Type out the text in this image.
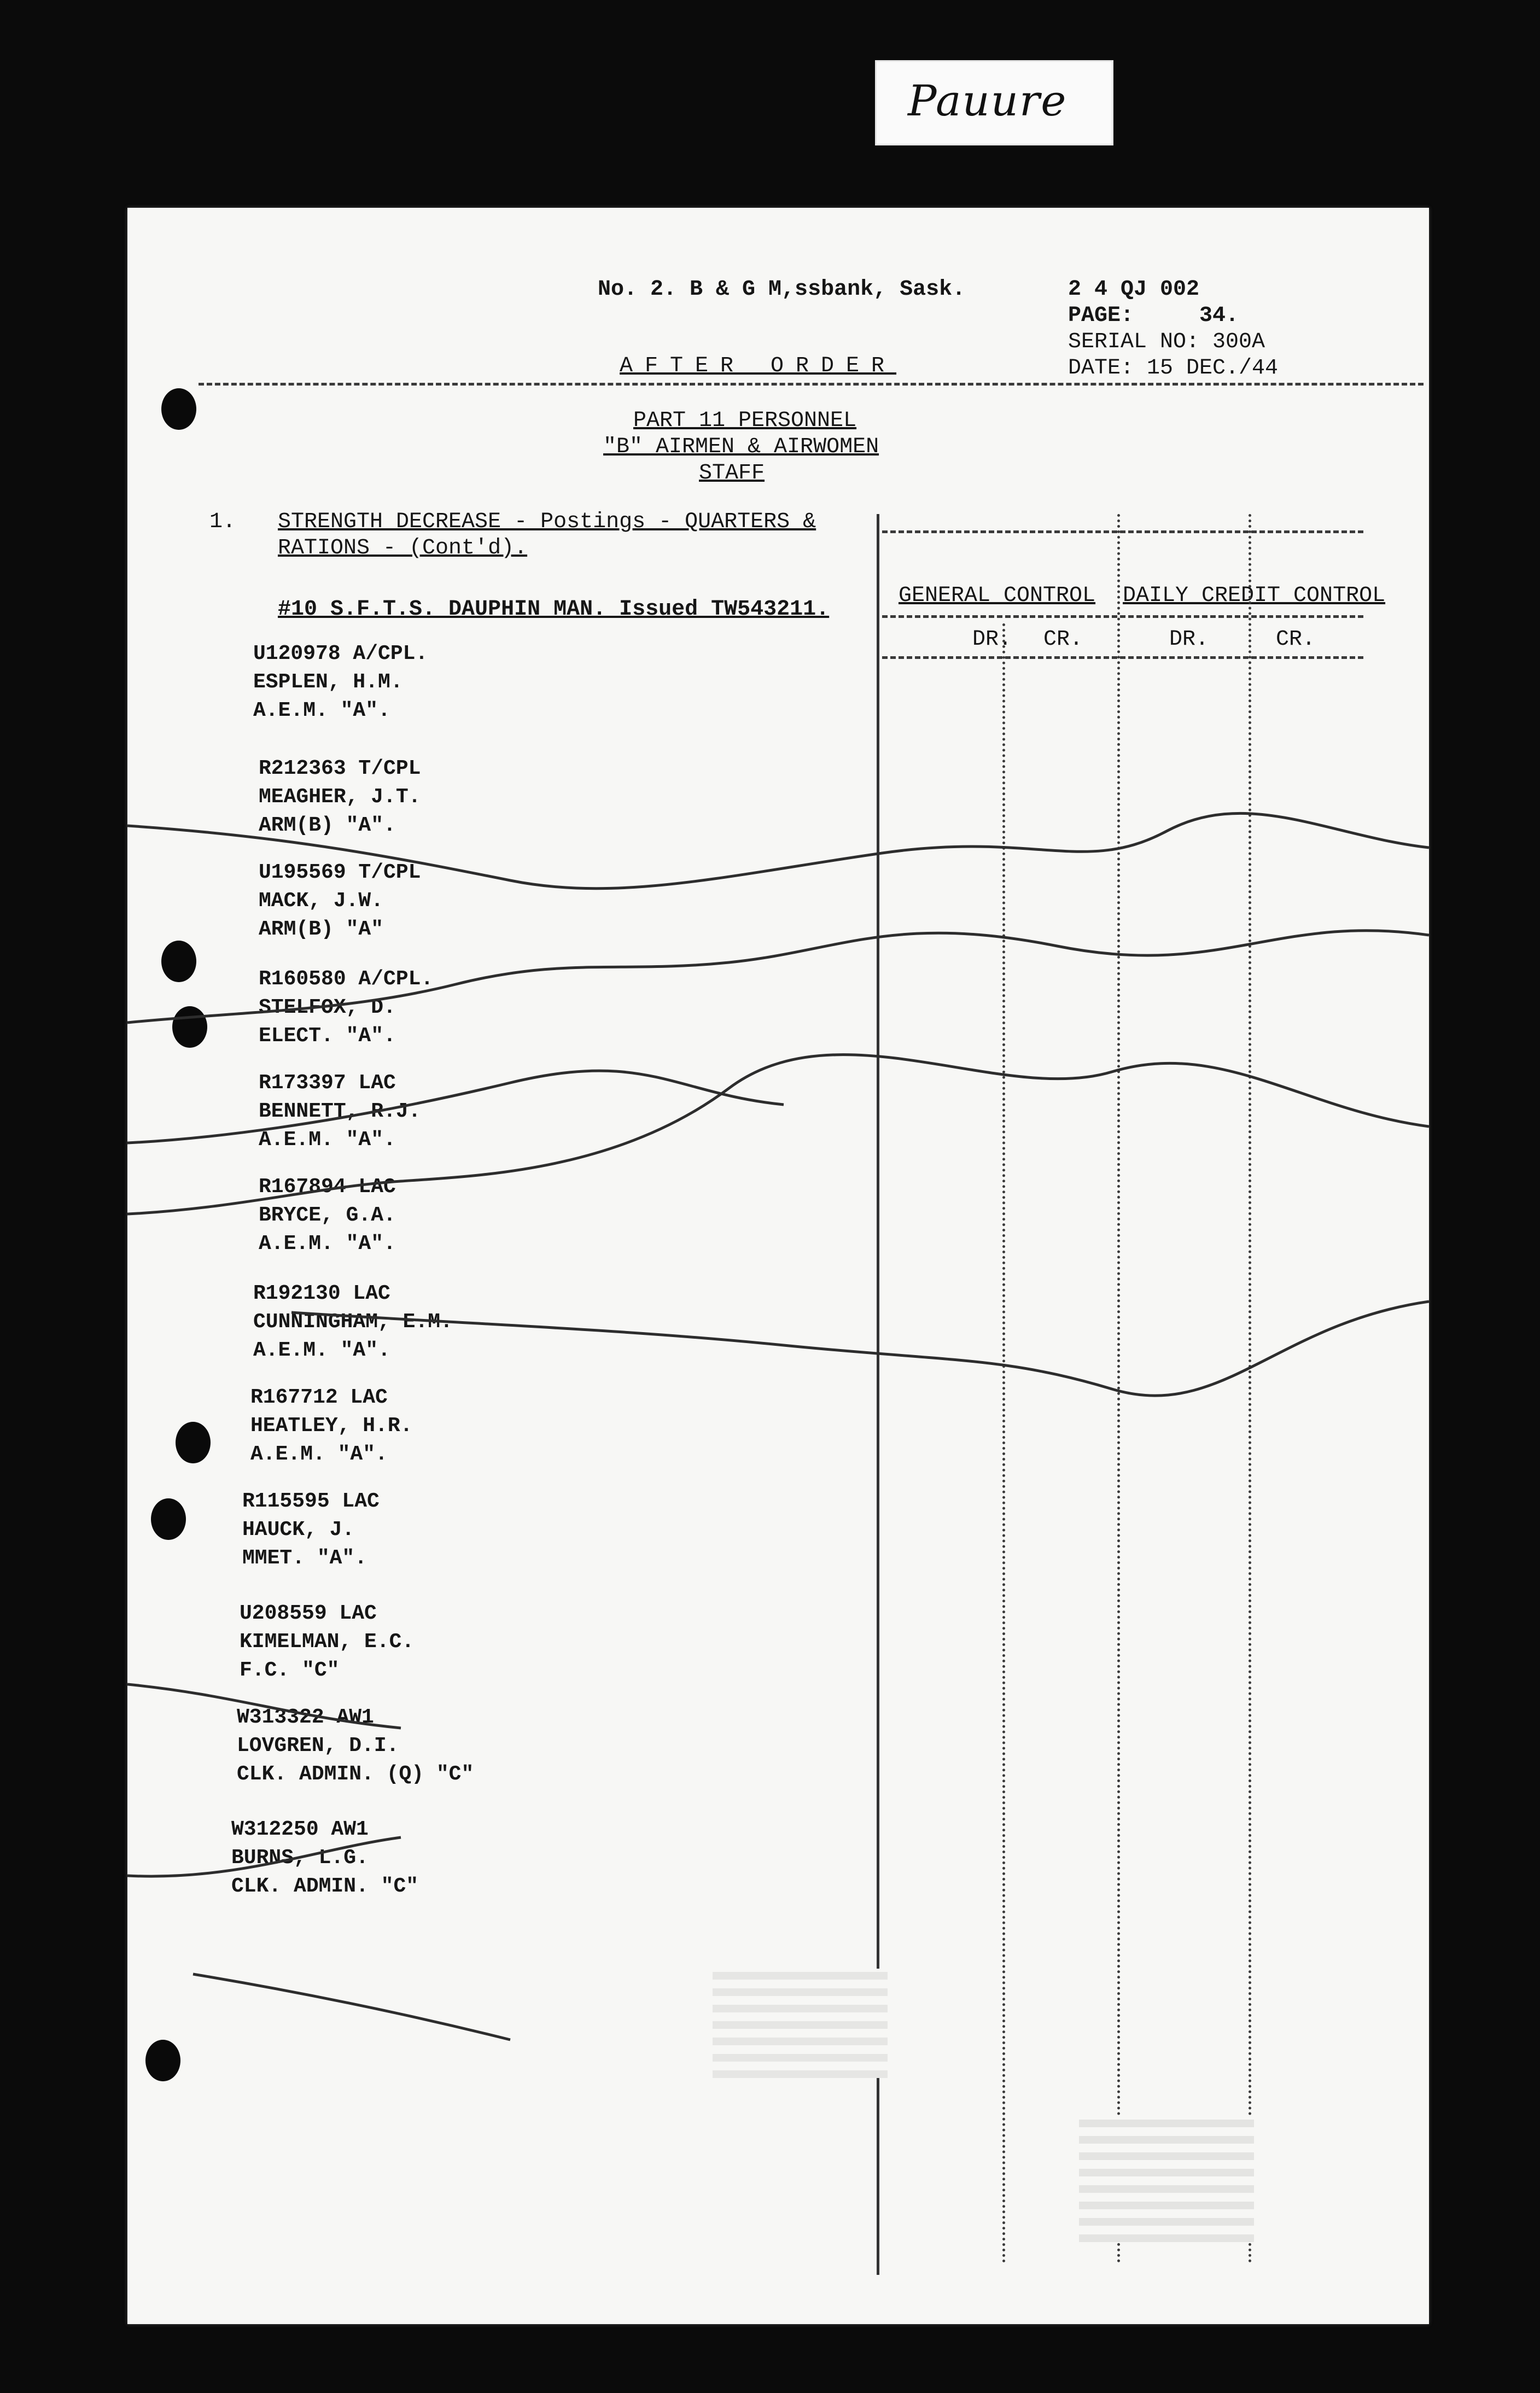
Pauure
No. 2. B & G M,ssbank, Sask.	2 4 QJ 002
PAGE:	34.
SERIAL NO: 300A
DATE: 15 DEC./44
AFTER ORDER
PART 11 PERSONNEL
"B" AIRMEN & AIRWOMEN
STAFF
1. STRENGTH DECREASE - Postings - QUARTERS &
RATIONS - (Cont'd).
#10 S.F.T.S. DAUPHIN MAN. Issued TW543211.
GENERAL CONTROL DAILY CREDIT CONTROL
DR. CR.	DR.	CR.
U120978 A/CPL.
ESPLEN, H.M.
A.E.M. "A".
R212363 T/CPL
MEAGHER, J.T.
ARM(B) "A".
U195569 T/CPL
MACK, J.W.
ARM(B) "A"
R160580 A/CPL.
STELFOX, D.
ELECT. "A".
R173397 LAC
BENNETT, R.J.
A.E.M. "A".
R167894 LAC
BRYCE, G.A.
A.E.M. "A".
R192130 LAC
CUNNINGHAM, E.M.
A.E.M. "A".
R167712 LAC
HEATLEY, H.R.
A.E.M. "A".
R115595 LAC
HAUCK, J.
MMET. "A".
U208559 LAC
KIMELMAN, E.C.
F.C. "C"
W313322 AW1
LOVGREN, D.I.
CLK. ADMIN. (Q) "C"
W312250 AW1
BURNS, L.G.
CLK. ADMIN. "C"
